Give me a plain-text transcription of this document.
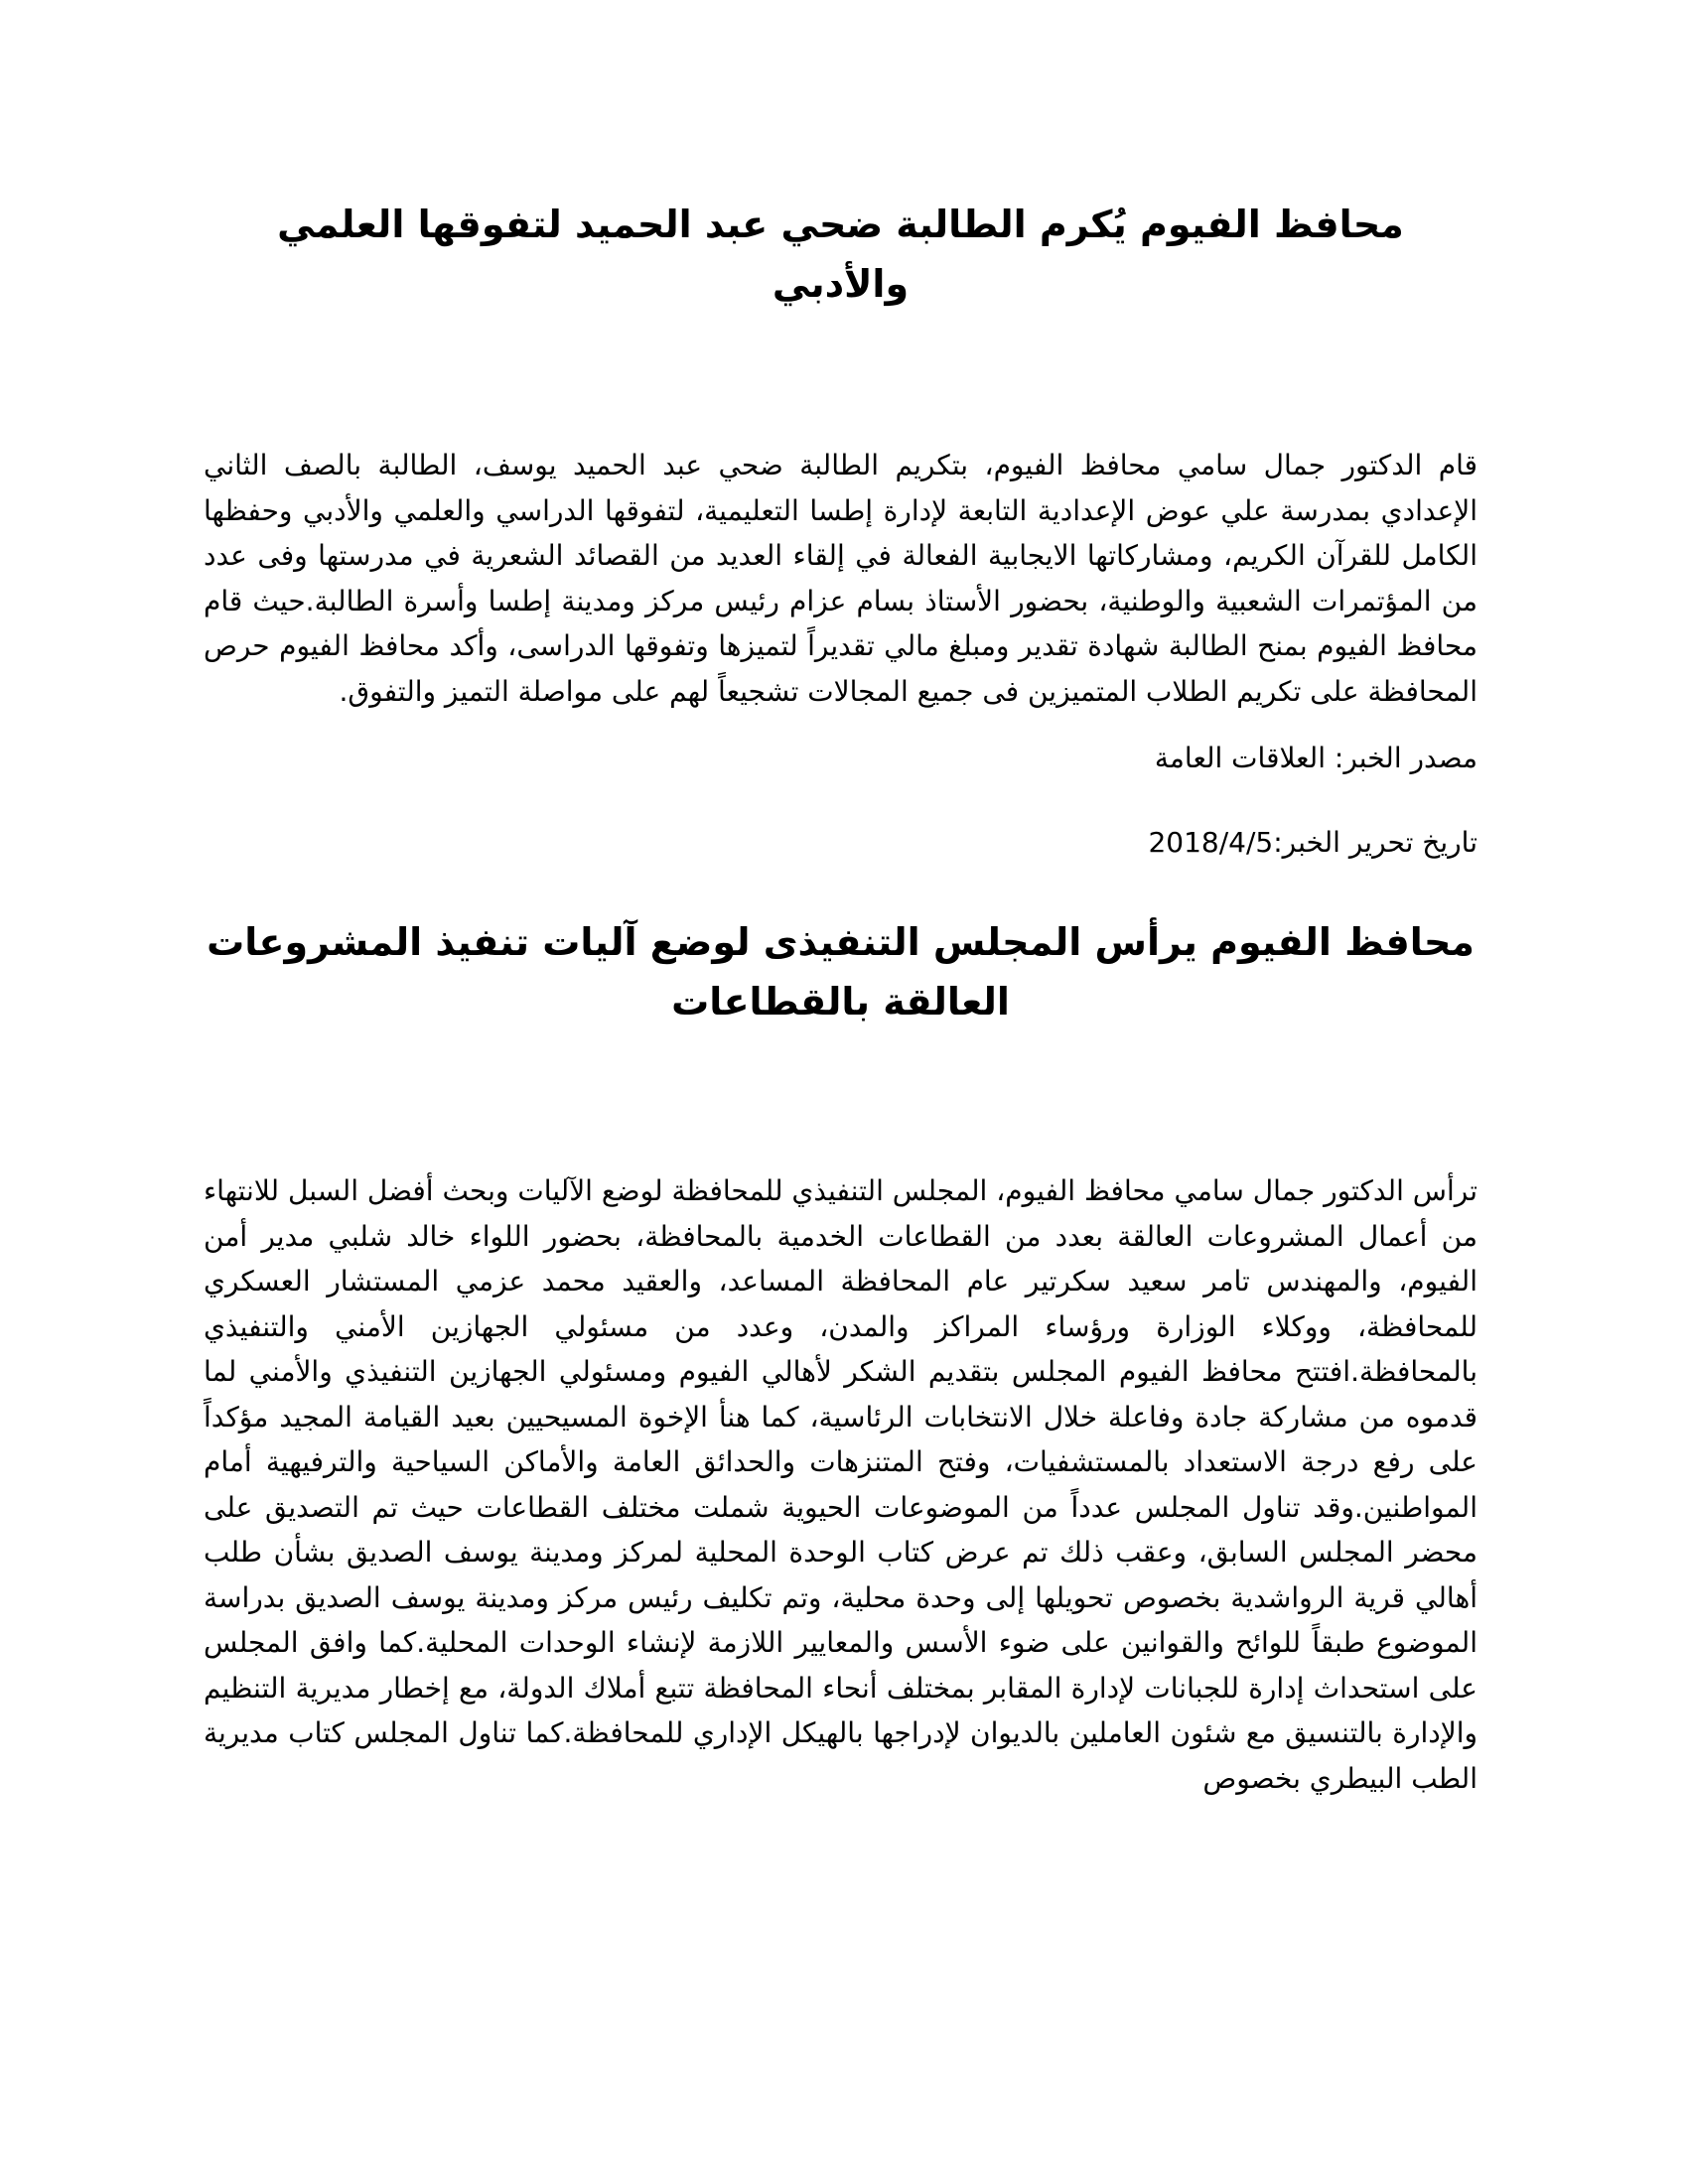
محافظ الفيوم يُكرم الطالبة ضحي عبد الحميد لتفوقها العلمي والأدبي

قام الدكتور جمال سامي محافظ الفيوم، بتكريم الطالبة ضحي عبد الحميد يوسف، الطالبة بالصف الثاني الإعدادي بمدرسة علي عوض الإعدادية التابعة لإدارة إطسا التعليمية، لتفوقها الدراسي والعلمي والأدبي وحفظها الكامل للقرآن الكريم، ومشاركاتها الايجابية الفعالة في إلقاء العديد من القصائد الشعرية في مدرستها وفى عدد من المؤتمرات الشعبية والوطنية، بحضور الأستاذ بسام عزام رئيس مركز ومدينة إطسا وأسرة الطالبة.حيث قام محافظ الفيوم بمنح الطالبة شهادة تقدير ومبلغ مالي تقديراً لتميزها وتفوقها الدراسى، وأكد محافظ الفيوم حرص المحافظة على تكريم الطلاب المتميزين فى جميع المجالات تشجيعاً لهم على مواصلة التميز والتفوق.

مصدر الخبر: العلاقات العامة

تاريخ تحرير الخبر:2018/4/5

محافظ الفيوم يرأس المجلس التنفيذى لوضع آليات تنفيذ المشروعات العالقة بالقطاعات

ترأس الدكتور جمال سامي محافظ الفيوم، المجلس التنفيذي للمحافظة لوضع الآليات وبحث أفضل السبل للانتهاء من أعمال المشروعات العالقة بعدد من القطاعات الخدمية بالمحافظة، بحضور اللواء خالد شلبي مدير أمن الفيوم، والمهندس تامر سعيد سكرتير عام المحافظة المساعد، والعقيد محمد عزمي المستشار العسكري للمحافظة، ووكلاء الوزارة ورؤساء المراكز والمدن، وعدد من مسئولي الجهازين الأمني والتنفيذي بالمحافظة.افتتح محافظ الفيوم المجلس بتقديم الشكر لأهالي الفيوم ومسئولي الجهازين التنفيذي والأمني لما قدموه من مشاركة جادة وفاعلة خلال الانتخابات الرئاسية، كما هنأ الإخوة المسيحيين بعيد القيامة المجيد مؤكداً على رفع درجة الاستعداد بالمستشفيات، وفتح المتنزهات والحدائق العامة والأماكن السياحية والترفيهية أمام المواطنين.وقد تناول المجلس عدداً من الموضوعات الحيوية شملت مختلف القطاعات حيث تم التصديق على محضر المجلس السابق، وعقب ذلك تم عرض كتاب الوحدة المحلية لمركز ومدينة يوسف الصديق بشأن طلب أهالي قرية الرواشدية بخصوص تحويلها إلى وحدة محلية، وتم تكليف رئيس مركز ومدينة يوسف الصديق بدراسة الموضوع طبقاً للوائح والقوانين على ضوء الأسس والمعايير اللازمة لإنشاء الوحدات المحلية.كما وافق المجلس على استحداث إدارة للجبانات لإدارة المقابر بمختلف أنحاء المحافظة تتبع أملاك الدولة، مع إخطار مديرية التنظيم والإدارة بالتنسيق مع شئون العاملين بالديوان لإدراجها بالهيكل الإداري للمحافظة.كما تناول المجلس كتاب مديرية الطب البيطري بخصوص
